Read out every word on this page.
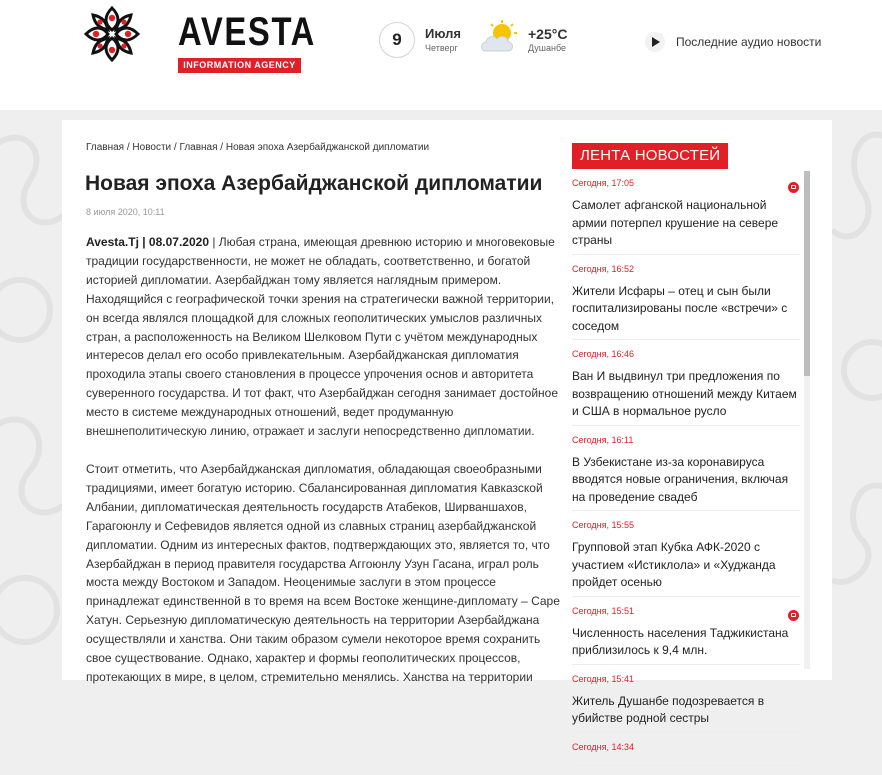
AVESTA
INFORMATION AGENCY
9	Июля
Четверг
+25°C
Душанбе	Последние аудио новости
Главная / Новости / Главная / Новая эпоха Азербайджанской дипломатии
Новая эпоха Азербайджанской дипломатии
8 июля 2020, 10:11

Avesta.Tj | 08.07.2020 | Любая страна, имеющая древнюю историю и многовековые традиции государственности, не может не обладать, соответственно, и богатой историей дипломатии. Азербайджан тому является наглядным примером. Находящийся с географической точки зрения на стратегически важной территории, он всегда являлся площадкой для сложных геополитических умыслов различных стран, а расположенность на Великом Шелковом Пути с учётом международных интересов делал его особо привлекательным. Азербайджанская дипломатия проходила этапы своего становления в процессе упрочения основ и авторитета суверенного государства. И тот факт, что Азербайджан сегодня занимает достойное место в системе международных отношений, ведет продуманную внешнеполитическую линию, отражает и заслуги непосредственно дипломатии.

Стоит отметить, что Азербайджанская дипломатия, обладающая своеобразными традициями, имеет богатую историю. Сбалансированная дипломатия Кавказской Албании, дипломатическая деятельность государств Атабеков, Ширваншахов, Гарагоюнлу и Сефевидов является одной из славных страниц азербайджанской дипломатии. Одним из интересных фактов, подтверждающих это, является то, что Азербайджан в период правителя государства Аггоюнлу Узун Гасана, играл роль моста между Востоком и Западом. Неоценимые заслуги в этом процессе принадлежат единственной в то время на всем Востоке женщине-дипломату – Саре Хатун. Серьезную дипломатическую деятельность на территории Азербайджана осуществляли и ханства. Они таким образом сумели некоторое время сохранить свое существование. Однако, характер и формы геополитических процессов, протекающих в мире, в целом, стремительно менялись. Ханства на территории

ЛЕНТА НОВОСТЕЙ
Сегодня, 17:05
Самолет афганской национальной армии потерпел крушение на севере страны
Сегодня, 16:52
Жители Исфары – отец и сын были госпитализированы после «встречи» с соседом
Сегодня, 16:46
Ван И выдвинул три предложения по возвращению отношений между Китаем и США в нормальное русло
Сегодня, 16:11
В Узбекистане из-за коронавируса вводятся новые ограничения, включая на проведение свадеб
Сегодня, 15:55
Групповой этап Кубка АФК-2020 с участием «Истиклола» и «Худжанда пройдет осенью
Сегодня, 15:51
Численность населения Таджикистана приблизилось к 9,4 млн.
Сегодня, 15:41
Житель Душанбе подозревается в убийстве родной сестры
Сегодня, 14:34
